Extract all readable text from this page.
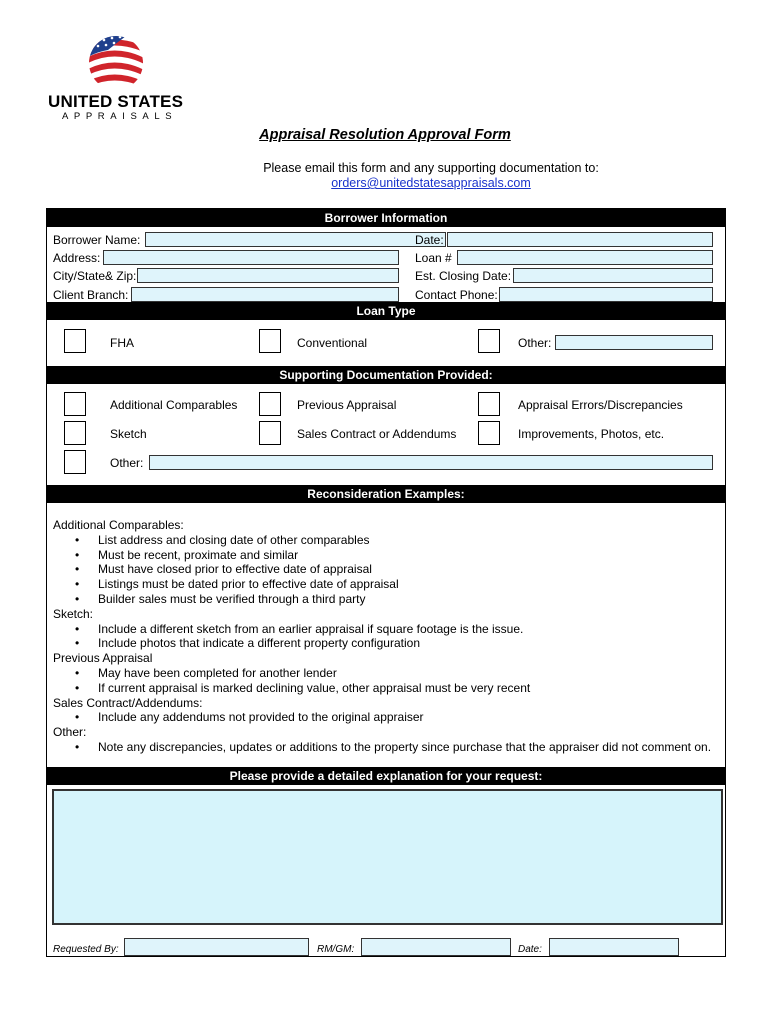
UNITED STATES
APPRAISALS
Appraisal Resolution Approval Form
Please email this form and any supporting documentation to:
orders@unitedstatesappraisals.com
Borrower Information
Borrower Name:	Date:
Address:	Loan #
City/State& Zip:	Est. Closing Date:
Client Branch:	Contact Phone:
Loan Type
FHA	Conventional	Other:
Supporting Documentation Provided:
Additional Comparables	Previous Appraisal	Appraisal Errors/Discrepancies
Sketch	Sales Contract or Addendums	Improvements, Photos, etc.
Other:
Reconsideration Examples:
Additional Comparables:
• List address and closing date of other comparables
• Must be recent, proximate and similar
• Must have closed prior to effective date of appraisal
• Listings must be dated prior to effective date of appraisal
• Builder sales must be verified through a third party
Sketch:
• Include a different sketch from an earlier appraisal if square footage is the issue.
• Include photos that indicate a different property configuration
Previous Appraisal
• May have been completed for another lender
• If current appraisal is marked declining value, other appraisal must be very recent
Sales Contract/Addendums:
• Include any addendums not provided to the original appraiser
Other:
• Note any discrepancies, updates or additions to the property since purchase that the appraiser did not comment on.
Please provide a detailed explanation for your request:
Requested By:	RM/GM:	Date:
